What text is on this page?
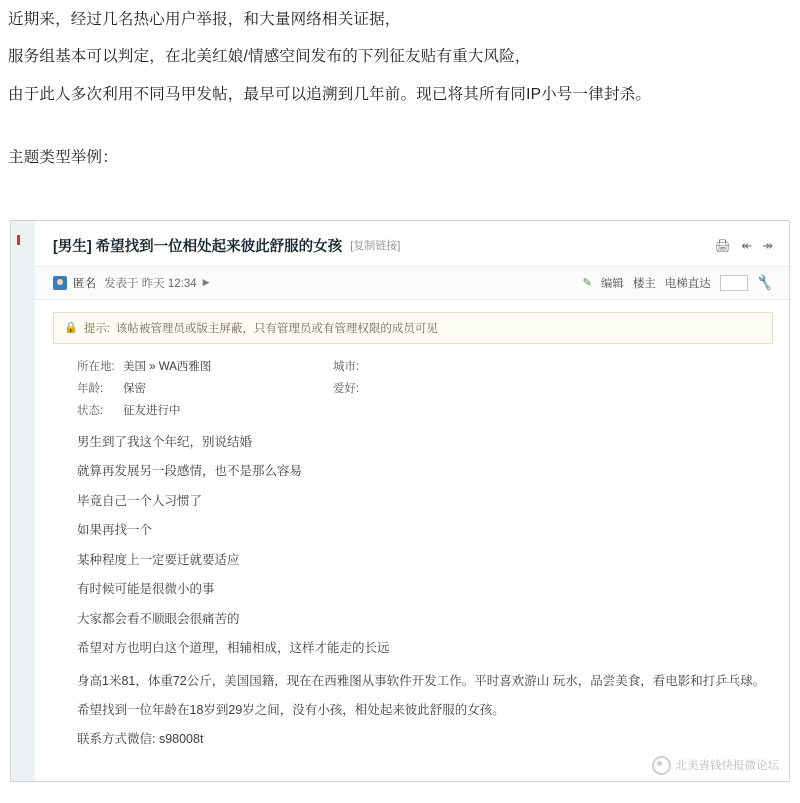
近期来，经过几名热心用户举报，和大量网络相关证据，

服务组基本可以判定，在北美红娘/情感空间发布的下列征友贴有重大风险，

由于此人多次利用不同马甲发帖，最早可以追溯到几年前。现已将其所有同IP小号一律封杀。

主题类型举例：

[男生] 希望找到一位相处起来彼此舒服的女孩 [复制链接]	🖨 ↞ ↠
匿名 发表于 昨天 12:34 ▶	✎ 编辑 楼主 电梯直达	🔧
🔒 提示: 该帖被管理员或版主屏蔽，只有管理员或有管理权限的成员可见
所在地: 美国 » WA西雅图	城市:
年龄:	保密	爱好:
状态:	征友进行中

男生到了我这个年纪，别说结婚

就算再发展另一段感情，也不是那么容易

毕竟自己一个人习惯了

如果再找一个

某种程度上一定要迁就要适应

有时候可能是很微小的事

大家都会看不顺眼会很痛苦的

希望对方也明白这个道理，相辅相成，这样才能走的长远

身高1米81，体重72公斤，美国国籍，现在在西雅图从事软件开发工作。平时喜欢游山 玩水，品尝美食，看电影和打乒乓球。

希望找到一位年龄在18岁到29岁之间，没有小孩，相处起来彼此舒服的女孩。

联系方式微信: s98008t

北美省钱快报微论坛
